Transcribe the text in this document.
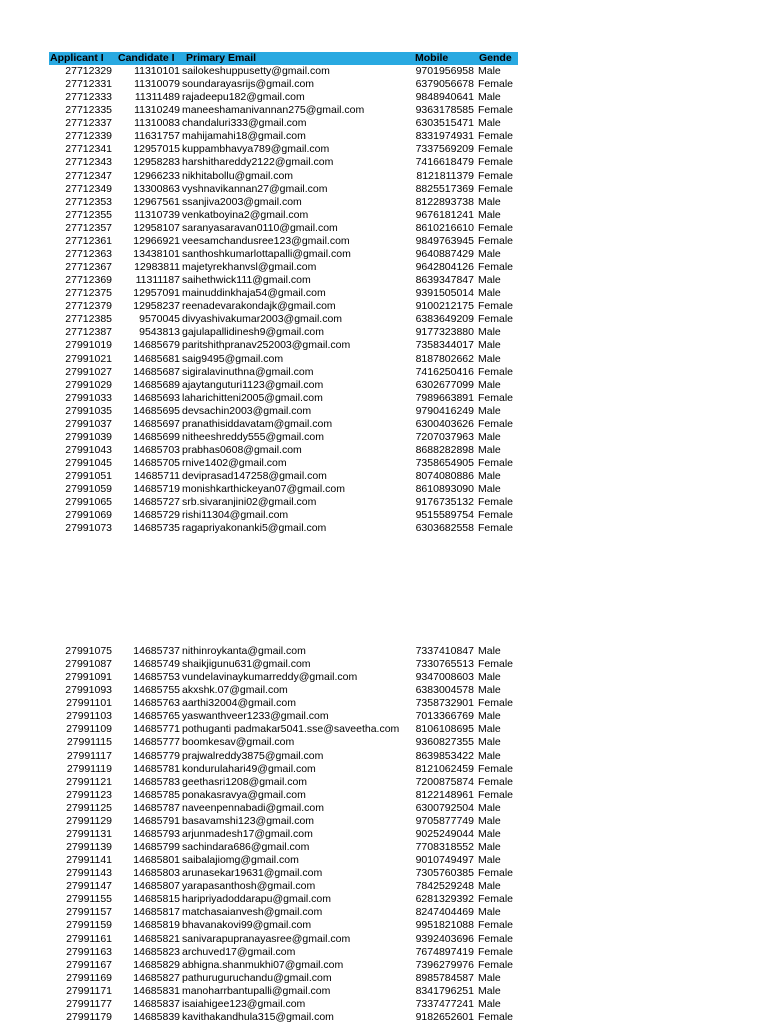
Applicant I	Candidate I	Primary Email	Mobile	Gende
27712329	11310101 sailokeshuppusetty@gmail.com	9701956958 Male
27712331	11310079 soundarayasrijs@gmail.com	6379056678 Female
27712333	11311489 rajadeepu182@gmail.com	9848940641 Male
27712335	11310249 maneeshamanivannan275@gmail.com	9363178585 Female
27712337	11310083 chandaluri333@gmail.com	6303515471 Male
27712339	11631757 mahijamahi18@gmail.com	8331974931 Female
27712341	12957015 kuppambhavya789@gmail.com	7337569209 Female
27712343	12958283 harshithareddy2122@gmail.com	7416618479 Female
27712347	12966233 nikhitabollu@gmail.com	8121811379 Female
27712349	13300863 vyshnavikannan27@gmail.com	8825517369 Female
27712353	12967561 ssanjiva2003@gmail.com	8122893738 Male
27712355	11310739 venkatboyina2@gmail.com	9676181241 Male
27712357	12958107 saranyasaravan0110@gmail.com	8610216610 Female
27712361	12966921 veesamchandusree123@gmail.com	9849763945 Female
27712363	13438101 santhoshkumarlottapalli@gmail.com	9640887429 Male
27712367	12983811 majetyrekhanvsl@gmail.com	9642804126 Female
27712369	11311187 saihethwick111@gmail.com	8639347847 Male
27712375	12957091 mainuddinkhaja54@gmail.com	9391505014 Male
27712379	12958237 reenadevarakondajk@gmail.com	9100212175 Female
27712385	9570045 divyashivakumar2003@gmail.com	6383649209 Female
27712387	9543813 gajulapallidinesh9@gmail.com	9177323880 Male
27991019	14685679 paritshithpranav252003@gmail.com	7358344017 Male
27991021	14685681 saig9495@gmail.com	8187802662 Male
27991027	14685687 sigiralavinuthna@gmail.com	7416250416 Female
27991029	14685689 ajaytanguturi1123@gmail.com	6302677099 Male
27991033	14685693 laharichitteni2005@gmail.com	7989663891 Female
27991035	14685695 devsachin2003@gmail.com	9790416249 Male
27991037	14685697 pranathisiddavatam@gmail.com	6300403626 Female
27991039	14685699 nitheeshreddy555@gmail.com	7207037963 Male
27991043	14685703 prabhas0608@gmail.com	8688282898 Male
27991045	14685705 rnive1402@gmail.com	7358654905 Female
27991051	14685711 deviprasad147258@gmail.com	8074080886 Male
27991059	14685719 monishkarthickeyan07@gmail.com	8610893090 Male
27991065	14685727 srb.sivaranjini02@gmail.com	9176735132 Female
27991069	14685729 rishi11304@gmail.com	9515589754 Female
27991073	14685735 ragapriyakonanki5@gmail.com	6303682558 Female
27991075	14685737 nithinroykanta@gmail.com	7337410847 Male
27991087	14685749 shaikjigunu631@gmail.com	7330765513 Female
27991091	14685753 vundelavinaykumarreddy@gmail.com	9347008603 Male
27991093	14685755 akxshk.07@gmail.com	6383004578 Male
27991101	14685763 aarthi32004@gmail.com	7358732901 Female
27991103	14685765 yaswanthveer1233@gmail.com	7013366769 Male
27991109	14685771 pothuganti padmakar5041.sse@saveetha.com	8106108695 Male
27991115	14685777 boomkesav@gmail.com	9360827355 Male
27991117	14685779 prajwalreddy3875@gmail.com	8639853422 Male
27991119	14685781 kondurulahari49@gmail.com	8121062459 Female
27991121	14685783 geethasri1208@gmail.com	7200875874 Female
27991123	14685785 ponakasravya@gmail.com	8122148961 Female
27991125	14685787 naveenpennabadi@gmail.com	6300792504 Male
27991129	14685791 basavamshi123@gmail.com	9705877749 Male
27991131	14685793 arjunmadesh17@gmail.com	9025249044 Male
27991139	14685799 sachindara686@gmail.com	7708318552 Male
27991141	14685801 saibalajiomg@gmail.com	9010749497 Male
27991143	14685803 arunasekar19631@gmail.com	7305760385 Female
27991147	14685807 yarapasanthosh@gmail.com	7842529248 Male
27991155	14685815 haripriyadoddarapu@gmail.com	6281329392 Female
27991157	14685817 matchasaianvesh@gmail.com	8247404469 Male
27991159	14685819 bhavanakovi99@gmail.com	9951821088 Female
27991161	14685821 sanivarapupranayasree@gmail.com	9392403696 Female
27991163	14685823 archuved17@gmail.com	7674897419 Female
27991167	14685829 abhigna.shanmukhi07@gmail.com	7396279976 Female
27991169	14685827 pathuruguruchandu@gmail.com	8985784587 Male
27991171	14685831 manoharrbantupalli@gmail.com	8341796251 Male
27991177	14685837 isaiahigee123@gmail.com	7337477241 Male
27991179	14685839 kavithakandhula315@gmail.com	9182652601 Female
